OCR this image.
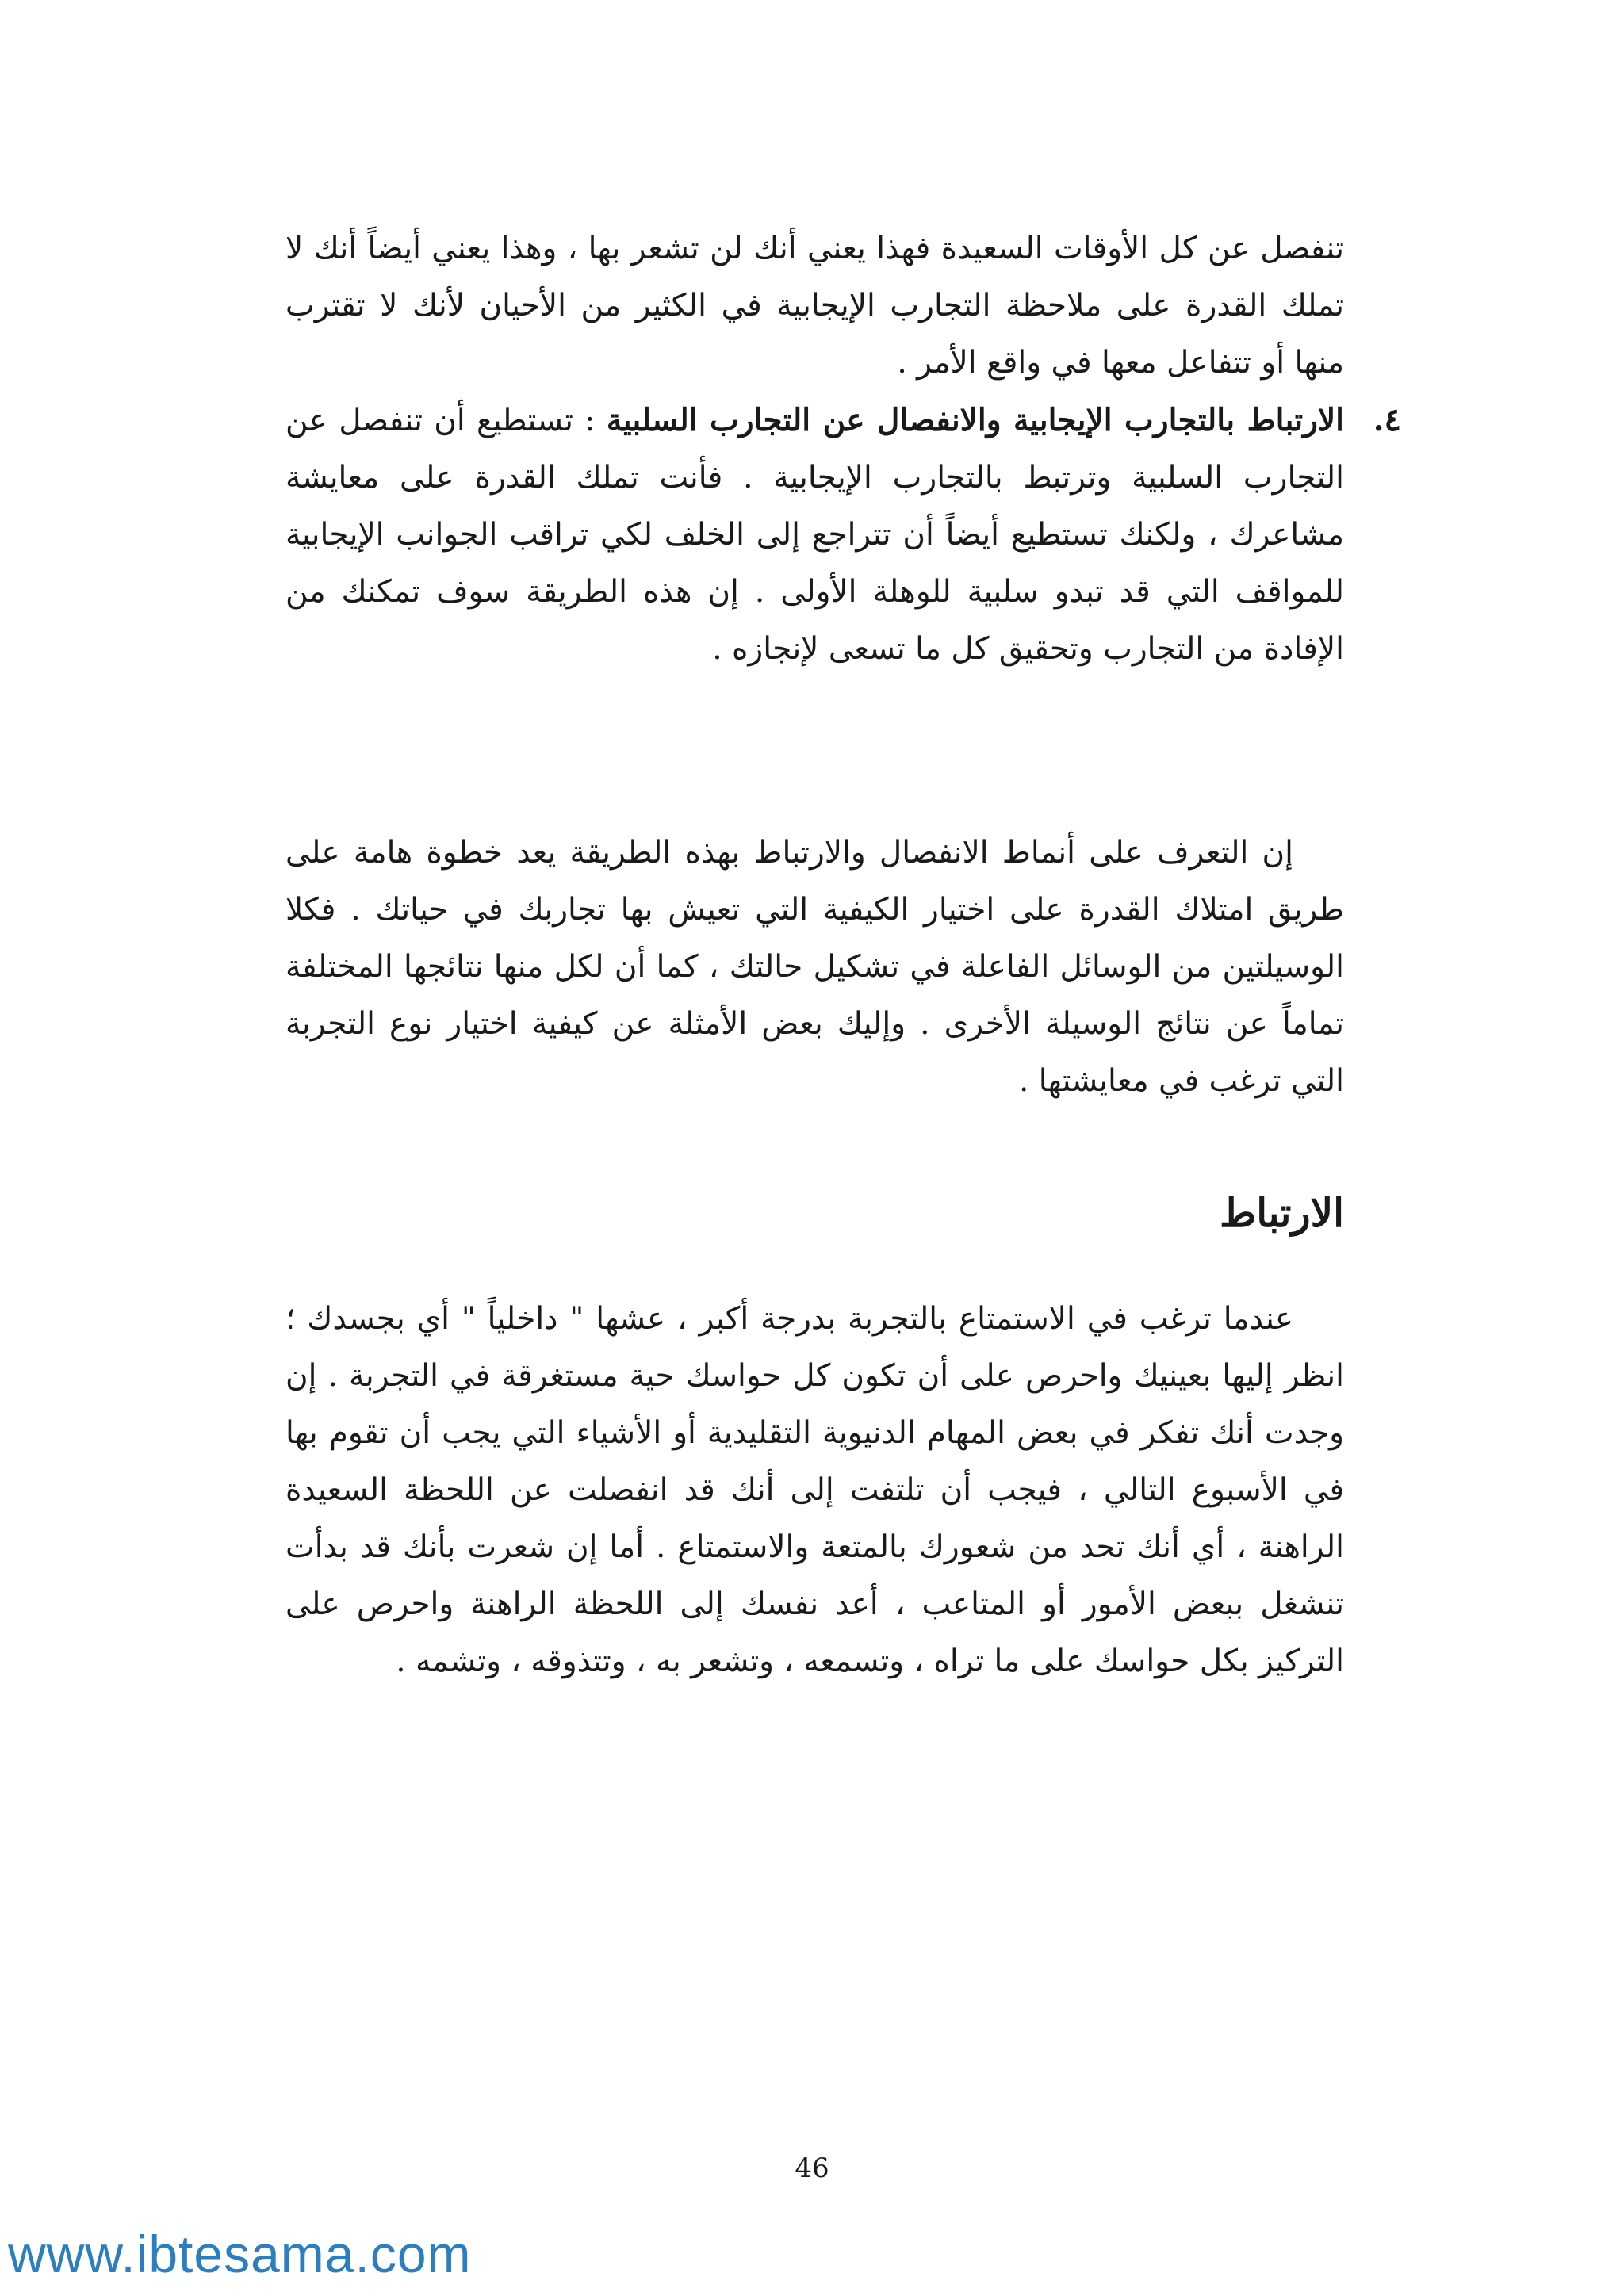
تنفصل عن كل الأوقات السعيدة فهذا يعني أنك لن تشعر بها ، وهذا يعني أيضاً أنك لا تملك القدرة على ملاحظة التجارب الإيجابية في الكثير من الأحيان لأنك لا تقترب منها أو تتفاعل معها في واقع الأمر .

٤.

الارتباط بالتجارب الإيجابية والانفصال عن التجارب السلبية : تستطيع أن تنفصل عن التجارب السلبية وترتبط بالتجارب الإيجابية . فأنت تملك القدرة على معايشة مشاعرك ، ولكنك تستطيع أيضاً أن تتراجع إلى الخلف لكي تراقب الجوانب الإيجابية للمواقف التي قد تبدو سلبية للوهلة الأولى . إن هذه الطريقة سوف تمكنك من الإفادة من التجارب وتحقيق كل ما تسعى لإنجازه .

إن التعرف على أنماط الانفصال والارتباط بهذه الطريقة يعد خطوة هامة على طريق امتلاك القدرة على اختيار الكيفية التي تعيش بها تجاربك في حياتك . فكلا الوسيلتين من الوسائل الفاعلة في تشكيل حالتك ، كما أن لكل منها نتائجها المختلفة تماماً عن نتائج الوسيلة الأخرى . وإليك بعض الأمثلة عن كيفية اختيار نوع التجربة التي ترغب في معايشتها .

الارتباط

عندما ترغب في الاستمتاع بالتجربة بدرجة أكبر ، عشها " داخلياً " أي بجسدك ؛ انظر إليها بعينيك واحرص على أن تكون كل حواسك حية مستغرقة في التجربة . إن وجدت أنك تفكر في بعض المهام الدنيوية التقليدية أو الأشياء التي يجب أن تقوم بها في الأسبوع التالي ، فيجب أن تلتفت إلى أنك قد انفصلت عن اللحظة السعيدة الراهنة ، أي أنك تحد من شعورك بالمتعة والاستمتاع . أما إن شعرت بأنك قد بدأت تنشغل ببعض الأمور أو المتاعب ، أعد نفسك إلى اللحظة الراهنة واحرص على التركيز بكل حواسك على ما تراه ، وتسمعه ، وتشعر به ، وتتذوقه ، وتشمه .

46
www.ibtesama.com
